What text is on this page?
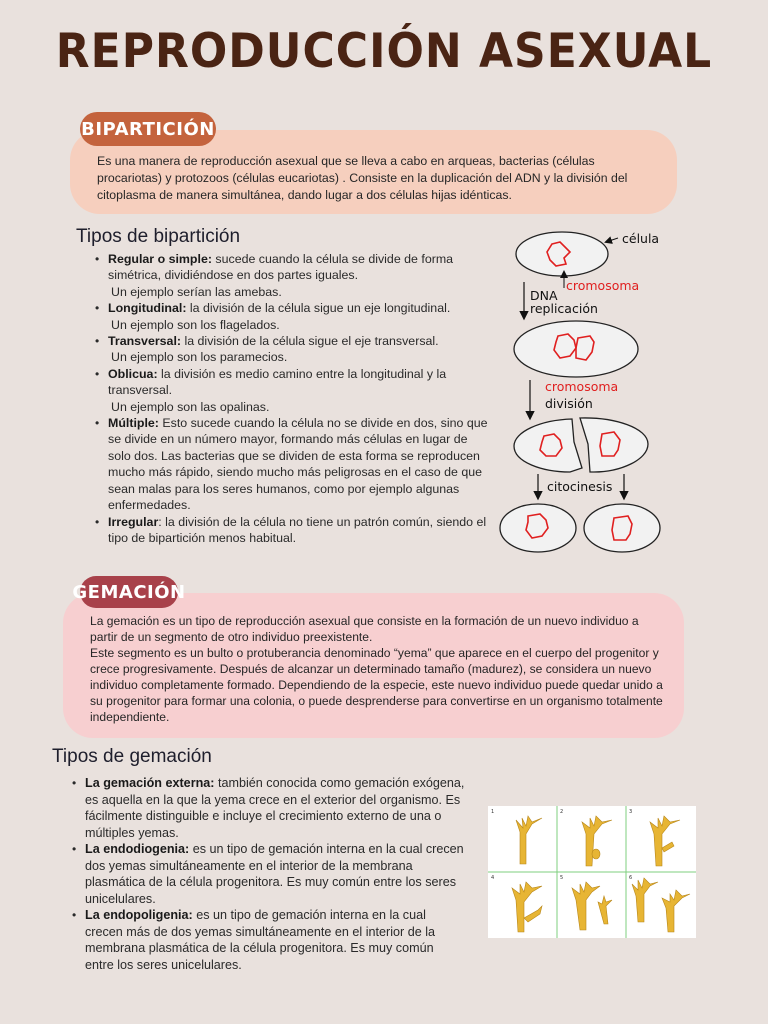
REPRODUCCIÓN ASEXUAL
BIPARTICIÓN
Es una manera de reproducción asexual que se lleva a cabo en arqueas, bacterias (células procariotas) y protozoos (células eucariotas) . Consiste en la duplicación del ADN y la división del citoplasma de manera simultánea, dando lugar a dos células hijas idénticas.
Tipos de bipartición
• Regular o simple: sucede cuando la célula se divide de forma simétrica, dividiéndose en dos partes iguales.
Un ejemplo serían las amebas.
• Longitudinal: la división de la célula sigue un eje longitudinal.
Un ejemplo son los flagelados.
• Transversal: la división de la célula sigue el eje transversal.
Un ejemplo son los paramecios.
• Oblicua: la división es medio camino entre la longitudinal y la transversal.
Un ejemplo son las opalinas.
• Múltiple: Esto sucede cuando la célula no se divide en dos, sino que se divide en un número mayor, formando más células en lugar de solo dos. Las bacterias que se dividen de esta forma se reproducen mucho más rápido, siendo mucho más peligrosas en el caso de que sean malas para los seres humanos, como por ejemplo algunas enfermedades.
• Irregular: la división de la célula no tiene un patrón común, siendo el tipo de bipartición menos habitual.
célula
cromosoma
DNA replicación
cromosoma
división
citocinesis
GEMACIÓN
La gemación es un tipo de reproducción asexual que consiste en la formación de un nuevo individuo a partir de un segmento de otro individuo preexistente.
Este segmento es un bulto o protuberancia denominado “yema” que aparece en el cuerpo del progenitor y crece progresivamente. Después de alcanzar un determinado tamaño (madurez), se considera un nuevo individuo completamente formado. Dependiendo de la especie, este nuevo individuo puede quedar unido a su progenitor para formar una colonia, o puede desprenderse para convertirse en un organismo totalmente independiente.
Tipos de gemación
• La gemación externa: también conocida como gemación exógena, es aquella en la que la yema crece en el exterior del organismo. Es fácilmente distinguible e incluye el crecimiento externo de una o múltiples yemas.
• La endodiogenia: es un tipo de gemación interna en la cual crecen dos yemas simultáneamente en el interior de la membrana plasmática de la célula progenitora. Es muy común entre los seres unicelulares.
• La endopoligenia: es un tipo de gemación interna en la cual crecen más de dos yemas simultáneamente en el interior de la membrana plasmática de la célula progenitora. Es muy común entre los seres unicelulares.
1	2	3
4	5	6
